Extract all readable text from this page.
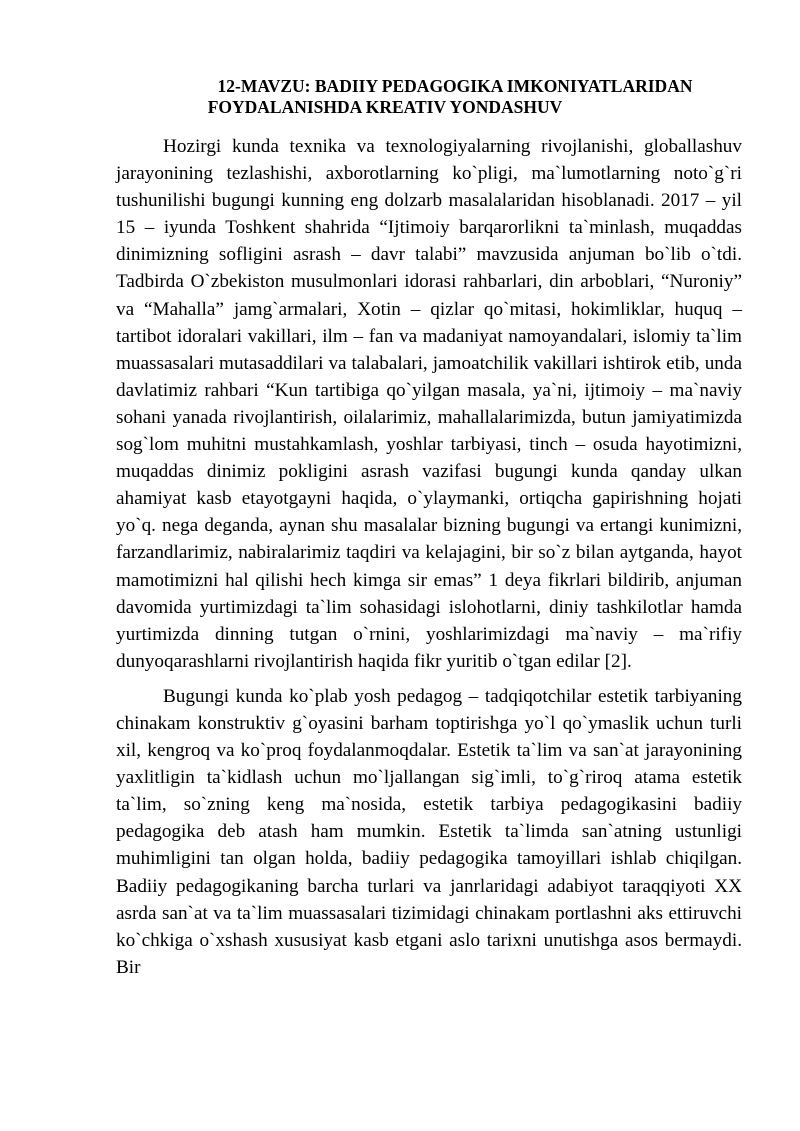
12-MAVZU: BADIIY PEDAGOGIKA IMKONIYATLARIDAN
FOYDALANISHDA KREATIV YONDASHUV

Hozirgi kunda texnika va texnologiyalarning rivojlanishi, globallashuv jarayonining tezlashishi, axborotlarning ko`pligi, ma`lumotlarning noto`g`ri tushunilishi bugungi kunning eng dolzarb masalalaridan hisoblanadi. 2017 – yil 15 – iyunda Toshkent shahrida “Ijtimoiy barqarorlikni ta`minlash, muqaddas dinimizning sofligini asrash – davr talabi” mavzusida anjuman bo`lib o`tdi. Tadbirda O`zbekiston musulmonlari idorasi rahbarlari, din arboblari, “Nuroniy” va “Mahalla” jamg`armalari, Xotin – qizlar qo`mitasi, hokimliklar, huquq – tartibot idoralari vakillari, ilm – fan va madaniyat namoyandalari, islomiy ta`lim muassasalari mutasaddilari va talabalari, jamoatchilik vakillari ishtirok etib, unda davlatimiz rahbari “Kun tartibiga qo`yilgan masala, ya`ni, ijtimoiy – ma`naviy sohani yanada rivojlantirish, oilalarimiz, mahallalarimizda, butun jamiyatimizda sog`lom muhitni mustahkamlash, yoshlar tarbiyasi, tinch – osuda hayotimizni, muqaddas dinimiz pokligini asrash vazifasi bugungi kunda qanday ulkan ahamiyat kasb etayotgayni haqida, o`ylaymanki, ortiqcha gapirishning hojati yo`q. nega deganda, aynan shu masalalar bizning bugungi va ertangi kunimizni, farzandlarimiz, nabiralarimiz taqdiri va kelajagini, bir so`z bilan aytganda, hayot mamotimizni hal qilishi hech kimga sir emas” 1 deya fikrlari bildirib, anjuman davomida yurtimizdagi ta`lim sohasidagi islohotlarni, diniy tashkilotlar hamda yurtimizda dinning tutgan o`rnini, yoshlarimizdagi ma`naviy – ma`rifiy dunyoqarashlarni rivojlantirish haqida fikr yuritib o`tgan edilar [2].

Bugungi kunda ko`plab yosh pedagog – tadqiqotchilar estetik tarbiyaning chinakam konstruktiv g`oyasini barham toptirishga yo`l qo`ymaslik uchun turli xil, kengroq va ko`proq foydalanmoqdalar. Estetik ta`lim va san`at jarayonining yaxlitligin ta`kidlash uchun mo`ljallangan sig`imli, to`g`riroq atama estetik ta`lim, so`zning keng ma`nosida, estetik tarbiya pedagogikasini badiiy pedagogika deb atash ham mumkin. Estetik ta`limda san`atning ustunligi muhimligini tan olgan holda, badiiy pedagogika tamoyillari ishlab chiqilgan. Badiiy pedagogikaning barcha turlari va janrlaridagi adabiyot taraqqiyoti XX asrda san`at va ta`lim muassasalari tizimidagi chinakam portlashni aks ettiruvchi ko`chkiga o`xshash xususiyat kasb etgani aslo tarixni unutishga asos bermaydi. Bir
